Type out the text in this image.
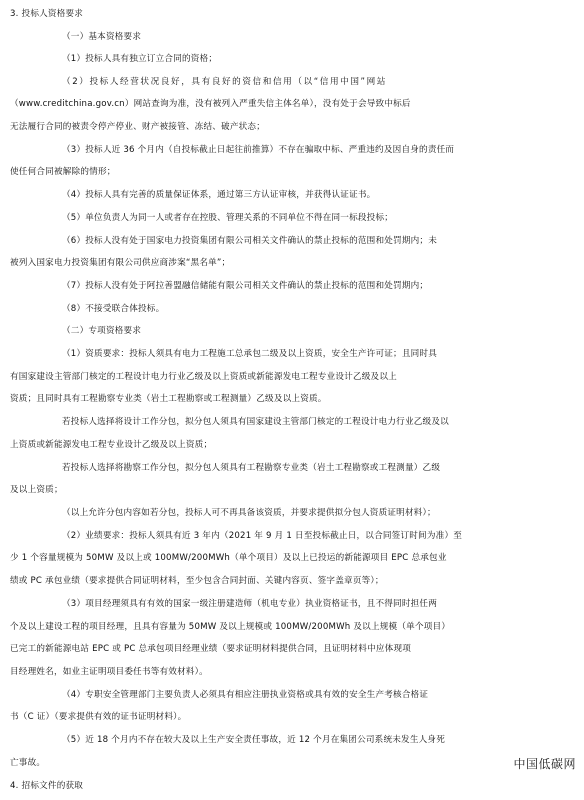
3. 投标人资格要求
（一）基本资格要求
（1）投标人具有独立订立合同的资格；
（2）投标人经营状况良好，具有良好的资信和信用（以“信用中国”网站
（www.creditchina.gov.cn）网站查询为准，没有被列入严重失信主体名单），没有处于会导致中标后
无法履行合同的被责令停产停业、财产被接管、冻结、破产状态；
（3）投标人近 36 个月内（自投标截止日起往前推算）不存在骗取中标、严重违约及因自身的责任而
使任何合同被解除的情形；
（4）投标人具有完善的质量保证体系，通过第三方认证审核，并获得认证证书。
（5）单位负责人为同一人或者存在控股、管理关系的不同单位不得在同一标段投标；
（6）投标人没有处于国家电力投资集团有限公司相关文件确认的禁止投标的范围和处罚期内；未
被列入国家电力投资集团有限公司供应商涉案“黑名单”；
（7）投标人没有处于阿拉善盟融信储能有限公司相关文件确认的禁止投标的范围和处罚期内；
（8）不接受联合体投标。
（二）专项资格要求
（1）资质要求：投标人须具有电力工程施工总承包二级及以上资质，安全生产许可证；且同时具
有国家建设主管部门核定的工程设计电力行业乙级及以上资质或新能源发电工程专业设计乙级及以上
资质；且同时具有工程勘察专业类（岩土工程勘察或工程测量）乙级及以上资质。
若投标人选择将设计工作分包，拟分包人须具有国家建设主管部门核定的工程设计电力行业乙级及以
上资质或新能源发电工程专业设计乙级及以上资质；
若投标人选择将勘察工作分包，拟分包人须具有工程勘察专业类（岩土工程勘察或工程测量）乙级
及以上资质；
（以上允许分包内容如若分包，投标人可不再具备该资质，并要求提供拟分包人资质证明材料）；
（2）业绩要求：投标人须具有近 3 年内（2021 年 9 月 1 日至投标截止日，以合同签订时间为准）至
少 1 个容量规模为 50MW 及以上或 100MW/200MWh（单个项目）及以上已投运的新能源项目 EPC 总承包业
绩或 PC 承包业绩（要求提供合同证明材料，至少包含合同封面、关键内容页、签字盖章页等）；
（3）项目经理须具有有效的国家一级注册建造师（机电专业）执业资格证书，且不得同时担任两
个及以上建设工程的项目经理，且具有容量为 50MW 及以上规模或 100MW/200MWh 及以上规模（单个项目）
已完工的新能源电站 EPC 或 PC 总承包项目经理业绩（要求证明材料提供合同，且证明材料中应体现项
目经理姓名，如业主证明项目委任书等有效材料）。
（4）专职安全管理部门主要负责人必须具有相应注册执业资格或具有效的安全生产考核合格证
书（C 证）（要求提供有效的证书证明材料）。
（5）近 18 个月内不存在较大及以上生产安全责任事故，近 12 个月在集团公司系统未发生人身死
亡事故。
4. 招标文件的获取
中国低碳网
